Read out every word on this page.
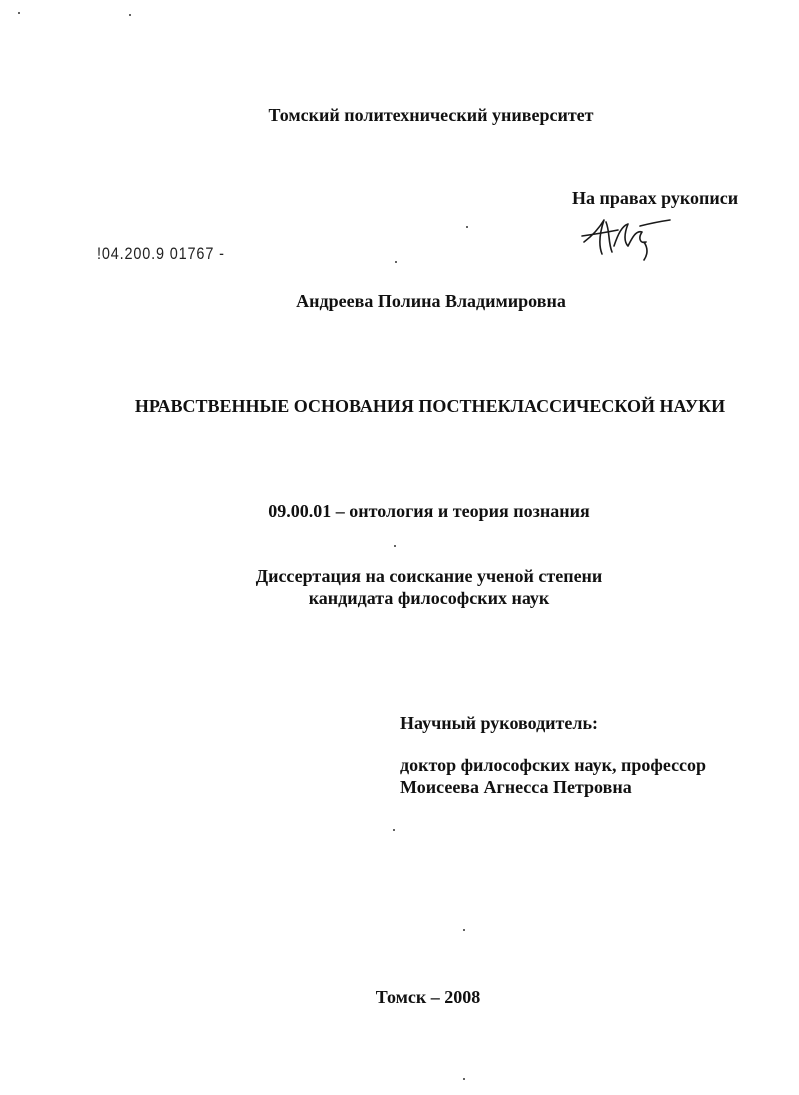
Томский политехнический университет
На правах рукописи
!04.200.9 01767 -
Андреева Полина Владимировна
НРАВСТВЕННЫЕ ОСНОВАНИЯ ПОСТНЕКЛАССИЧЕСКОЙ НАУКИ
09.00.01 – онтология и теория познания
Диссертация на соискание ученой степени
кандидата философских наук
Научный руководитель:
доктор философских наук, профессор
Моисеева Агнесса Петровна
Томск – 2008
